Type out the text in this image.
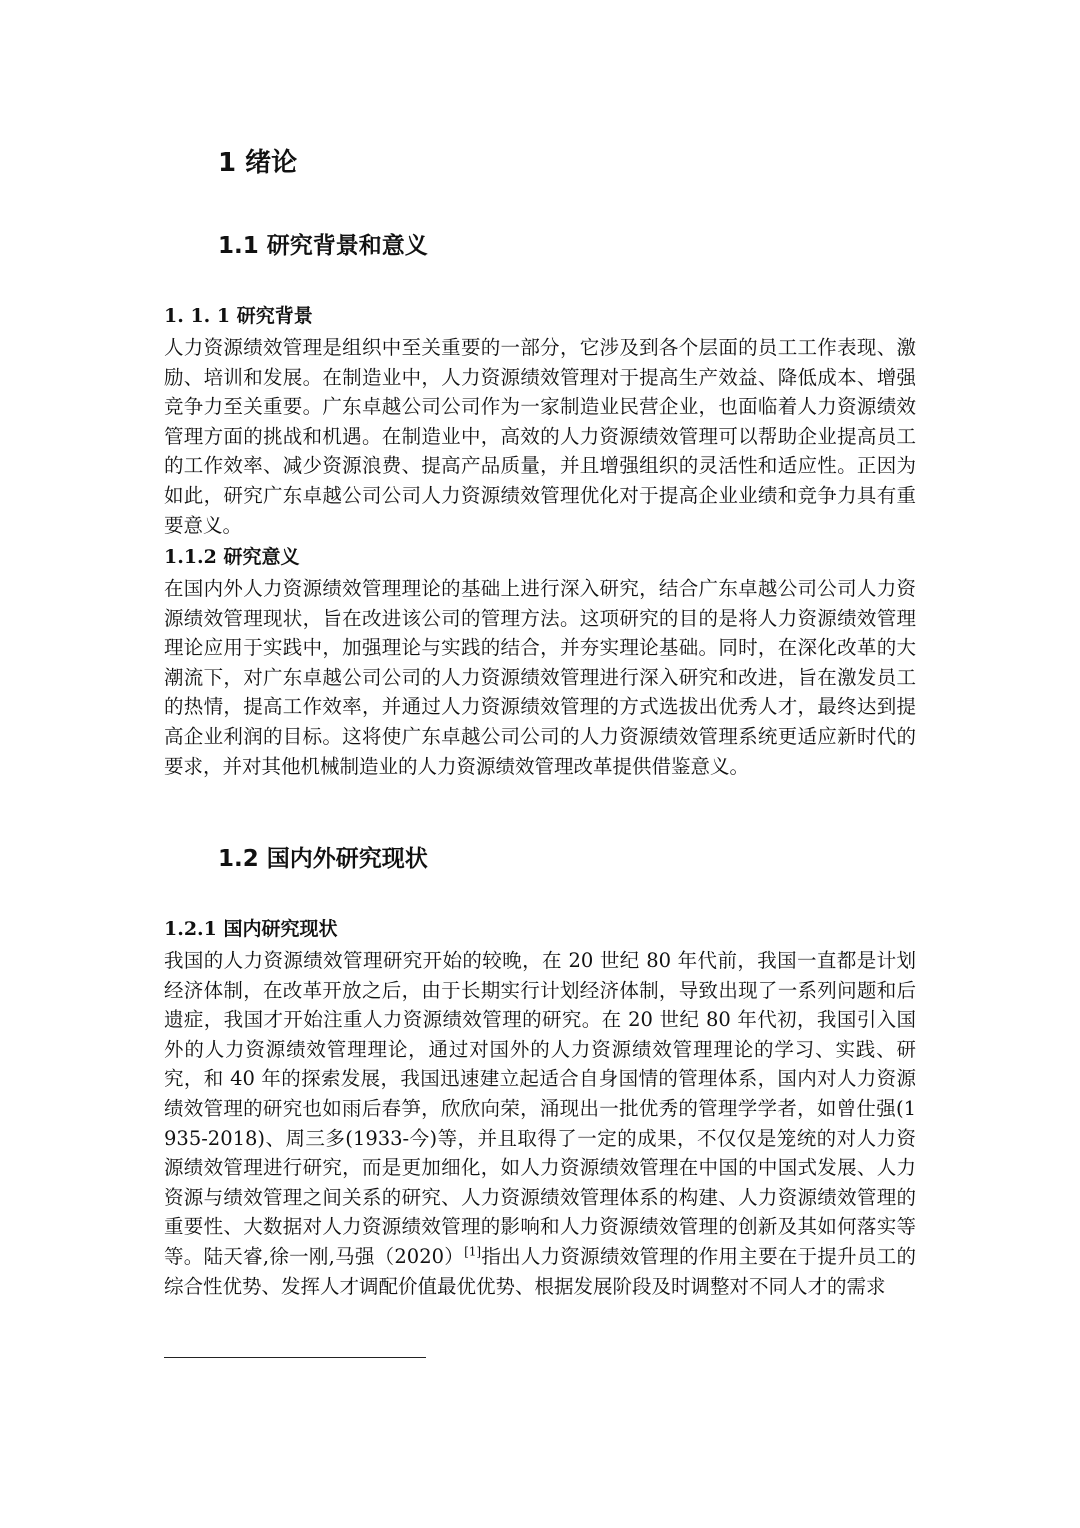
1 绪论
1.1 研究背景和意义
1. 1. 1 研究背景

人力资源绩效管理是组织中至关重要的一部分，它涉及到各个层面的员工工作表现、激励、培训和发展。在制造业中，人力资源绩效管理对于提高生产效益、降低成本、增强竞争力至关重要。广东卓越公司公司作为一家制造业民营企业，也面临着人力资源绩效管理方面的挑战和机遇。在制造业中，高效的人力资源绩效管理可以帮助企业提高员工的工作效率、减少资源浪费、提高产品质量，并且增强组织的灵活性和适应性。正因为如此，研究广东卓越公司公司人力资源绩效管理优化对于提高企业业绩和竞争力具有重要意义。

1.1.2 研究意义

在国内外人力资源绩效管理理论的基础上进行深入研究，结合广东卓越公司公司人力资源绩效管理现状，旨在改进该公司的管理方法。这项研究的目的是将人力资源绩效管理理论应用于实践中，加强理论与实践的结合，并夯实理论基础。同时，在深化改革的大潮流下，对广东卓越公司公司的人力资源绩效管理进行深入研究和改进，旨在激发员工的热情，提高工作效率，并通过人力资源绩效管理的方式选拔出优秀人才，最终达到提高企业利润的目标。这将使广东卓越公司公司的人力资源绩效管理系统更适应新时代的要求，并对其他机械制造业的人力资源绩效管理改革提供借鉴意义。

1.2 国内外研究现状
1.2.1 国内研究现状

我国的人力资源绩效管理研究开始的较晚，在 20 世纪 80 年代前，我国一直都是计划经济体制，在改革开放之后，由于长期实行计划经济体制，导致出现了一系列问题和后遗症，我国才开始注重人力资源绩效管理的研究。在 20 世纪 80 年代初，我国引入国外的人力资源绩效管理理论，通过对国外的人力资源绩效管理理论的学习、实践、研究，和 40 年的探索发展，我国迅速建立起适合自身国情的管理体系，国内对人力资源绩效管理的研究也如雨后春笋，欣欣向荣，涌现出一批优秀的管理学学者，如曾仕强(1935-2018)、周三多(1933-今)等，并且取得了一定的成果，不仅仅是笼统的对人力资源绩效管理进行研究，而是更加细化，如人力资源绩效管理在中国的中国式发展、人力资源与绩效管理之间关系的研究、人力资源绩效管理体系的构建、人力资源绩效管理的重要性、大数据对人力资源绩效管理的影响和人力资源绩效管理的创新及其如何落实等等。陆天睿,徐一刚,马强（2020）[1]指出人力资源绩效管理的作用主要在于提升员工的综合性优势、发挥人才调配价值最优优势、根据发展阶段及时调整对不同人才的需求
